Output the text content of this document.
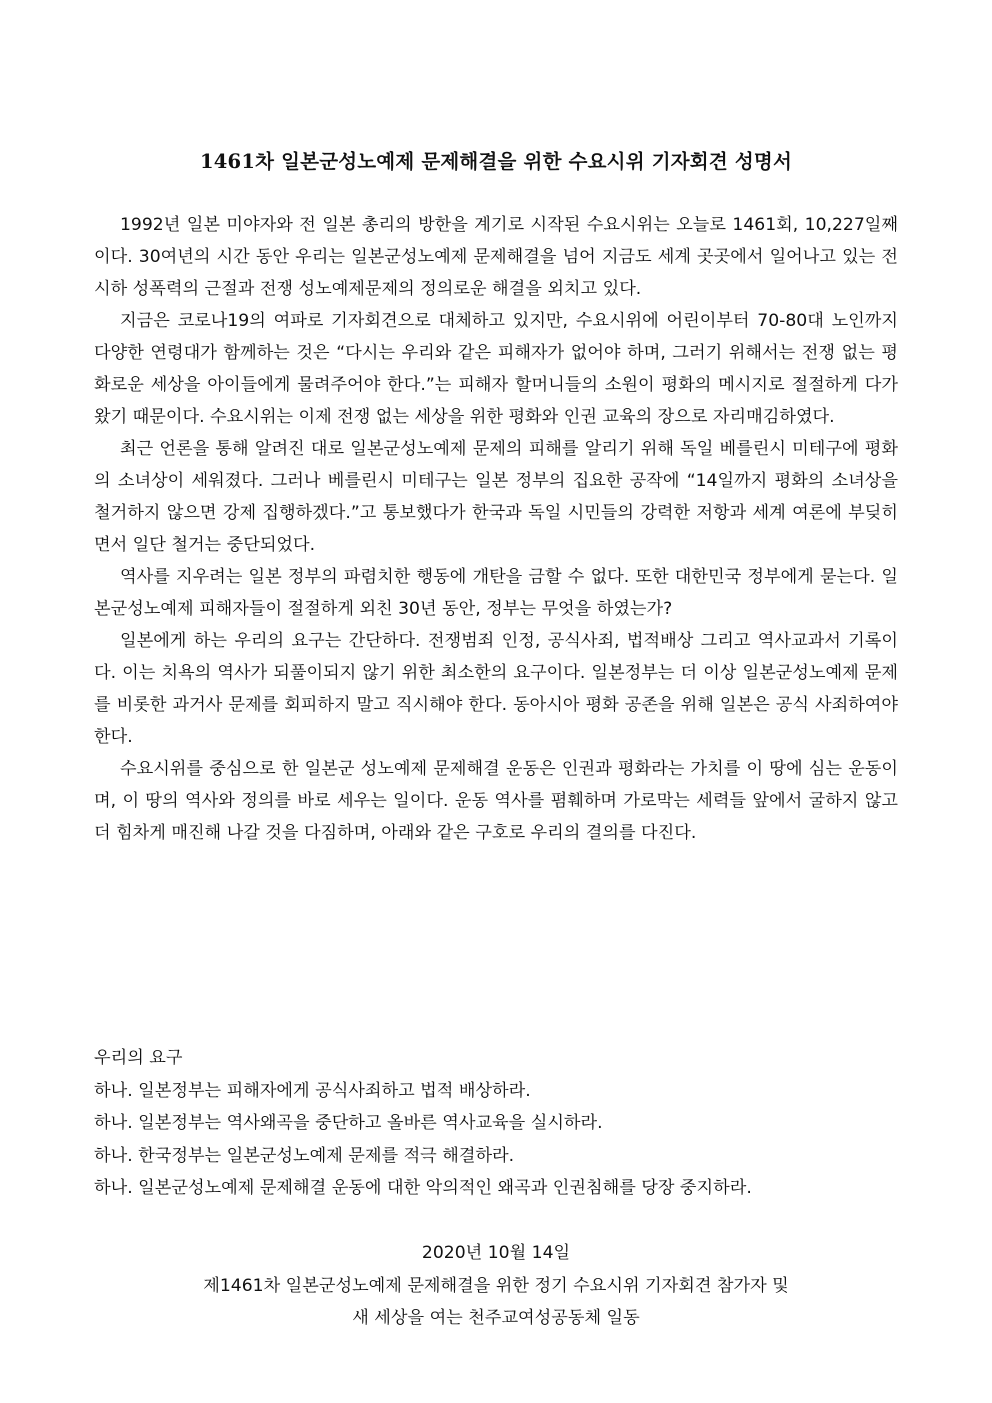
1461차 일본군성노예제 문제해결을 위한 수요시위 기자회견 성명서

1992년 일본 미야자와 전 일본 총리의 방한을 계기로 시작된 수요시위는 오늘로 1461회, 10,227일째이다. 30여년의 시간 동안 우리는 일본군성노예제 문제해결을 넘어 지금도 세계 곳곳에서 일어나고 있는 전시하 성폭력의 근절과 전쟁 성노예제문제의 정의로운 해결을 외치고 있다.

지금은 코로나19의 여파로 기자회견으로 대체하고 있지만, 수요시위에 어린이부터 70-80대 노인까지 다양한 연령대가 함께하는 것은 “다시는 우리와 같은 피해자가 없어야 하며, 그러기 위해서는 전쟁 없는 평화로운 세상을 아이들에게 물려주어야 한다.”는 피해자 할머니들의 소원이 평화의 메시지로 절절하게 다가왔기 때문이다. 수요시위는 이제 전쟁 없는 세상을 위한 평화와 인권 교육의 장으로 자리매김하였다.

최근 언론을 통해 알려진 대로 일본군성노예제 문제의 피해를 알리기 위해 독일 베를린시 미테구에 평화의 소녀상이 세워졌다. 그러나 베를린시 미테구는 일본 정부의 집요한 공작에 “14일까지 평화의 소녀상을 철거하지 않으면 강제 집행하겠다.”고 통보했다가 한국과 독일 시민들의 강력한 저항과 세계 여론에 부딪히면서 일단 철거는 중단되었다.

역사를 지우려는 일본 정부의 파렴치한 행동에 개탄을 금할 수 없다. 또한 대한민국 정부에게 묻는다. 일본군성노예제 피해자들이 절절하게 외친 30년 동안, 정부는 무엇을 하였는가?

일본에게 하는 우리의 요구는 간단하다. 전쟁범죄 인정, 공식사죄, 법적배상 그리고 역사교과서 기록이다. 이는 치욕의 역사가 되풀이되지 않기 위한 최소한의 요구이다. 일본정부는 더 이상 일본군성노예제 문제를 비롯한 과거사 문제를 회피하지 말고 직시해야 한다. 동아시아 평화 공존을 위해 일본은 공식 사죄하여야 한다.

수요시위를 중심으로 한 일본군 성노예제 문제해결 운동은 인권과 평화라는 가치를 이 땅에 심는 운동이며, 이 땅의 역사와 정의를 바로 세우는 일이다. 운동 역사를 폄훼하며 가로막는 세력들 앞에서 굴하지 않고 더 힘차게 매진해 나갈 것을 다짐하며, 아래와 같은 구호로 우리의 결의를 다진다.

우리의 요구
하나. 일본정부는 피해자에게 공식사죄하고 법적 배상하라.
하나. 일본정부는 역사왜곡을 중단하고 올바른 역사교육을 실시하라.
하나. 한국정부는 일본군성노예제 문제를 적극 해결하라.
하나. 일본군성노예제 문제해결 운동에 대한 악의적인 왜곡과 인권침해를 당장 중지하라.
2020년 10월 14일
제1461차 일본군성노예제 문제해결을 위한 정기 수요시위 기자회견 참가자 및
새 세상을 여는 천주교여성공동체 일동
